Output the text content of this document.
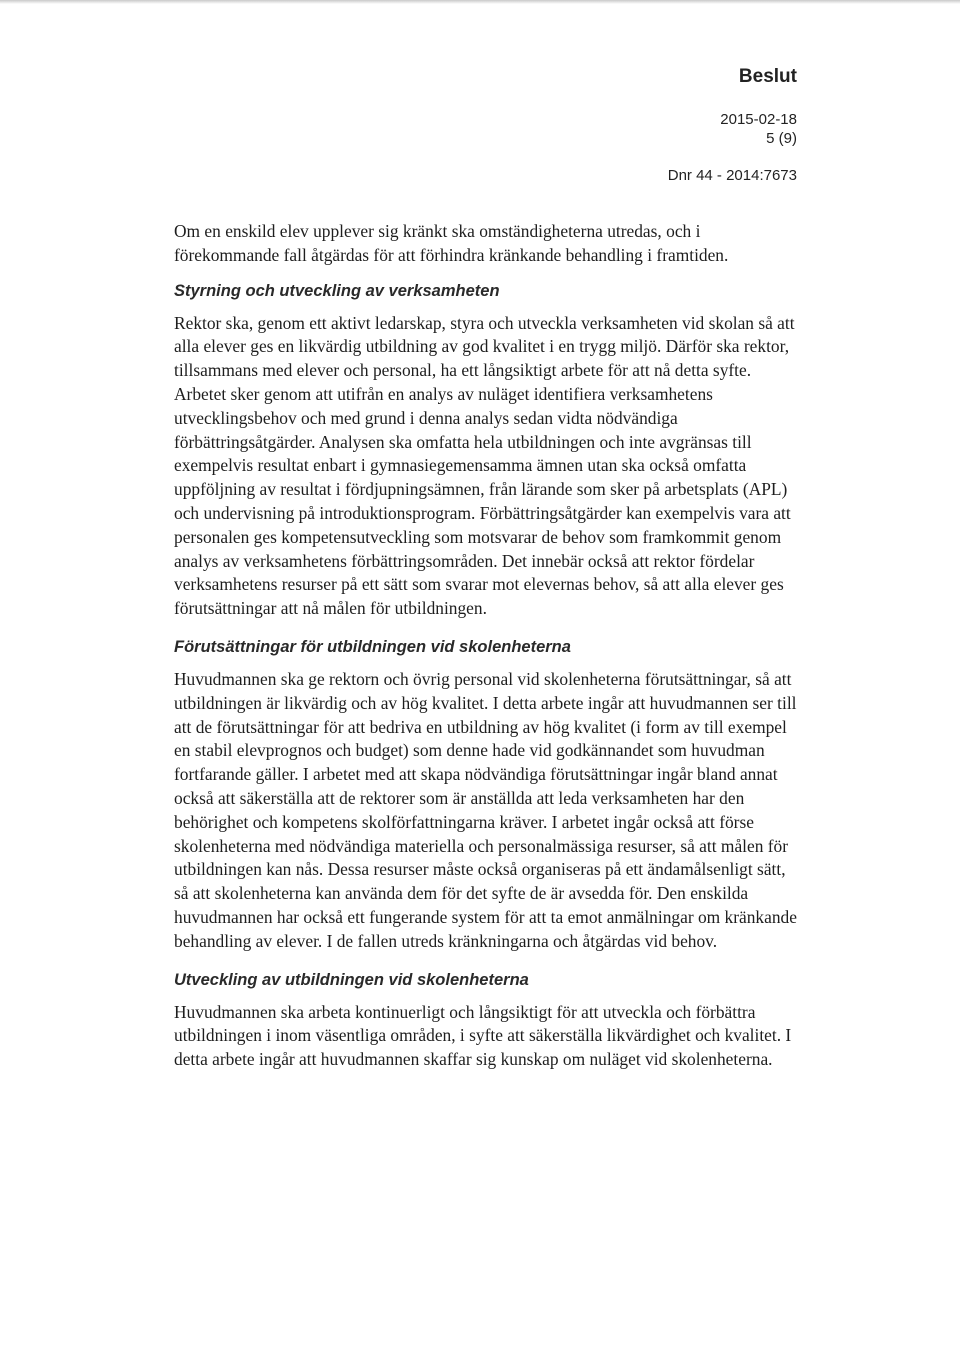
Beslut
2015-02-18
5 (9)
Dnr 44 - 2014:7673

Om en enskild elev upplever sig kränkt ska omständigheterna utredas, och i förekommande fall åtgärdas för att förhindra kränkande behandling i framtiden.

Styrning och utveckling av verksamheten

Rektor ska, genom ett aktivt ledarskap, styra och utveckla verksamheten vid skolan så att alla elever ges en likvärdig utbildning av god kvalitet i en trygg miljö. Därför ska rektor, tillsammans med elever och personal, ha ett långsiktigt arbete för att nå detta syfte. Arbetet sker genom att utifrån en analys av nuläget identifiera verksamhetens utvecklingsbehov och med grund i denna analys sedan vidta nödvändiga förbättringsåtgärder. Analysen ska omfatta hela utbildningen och inte avgränsas till exempelvis resultat enbart i gymnasiegemensamma ämnen utan ska också omfatta uppföljning av resultat i fördjupningsämnen, från lärande som sker på arbetsplats (APL) och undervisning på introduktionsprogram. Förbättringsåtgärder kan exempelvis vara att personalen ges kompetensutveckling som motsvarar de behov som framkommit genom analys av verksamhetens förbättringsområden. Det innebär också att rektor fördelar verksamhetens resurser på ett sätt som svarar mot elevernas behov, så att alla elever ges förutsättningar att nå målen för utbildningen.

Förutsättningar för utbildningen vid skolenheterna

Huvudmannen ska ge rektorn och övrig personal vid skolenheterna förutsättningar, så att utbildningen är likvärdig och av hög kvalitet. I detta arbete ingår att huvudmannen ser till att de förutsättningar för att bedriva en utbildning av hög kvalitet (i form av till exempel en stabil elevprognos och budget) som denne hade vid godkännandet som huvudman fortfarande gäller. I arbetet med att skapa nödvändiga förutsättningar ingår bland annat också att säkerställa att de rektorer som är anställda att leda verksamheten har den behörighet och kompetens skolförfattningarna kräver. I arbetet ingår också att förse skolenheterna med nödvändiga materiella och personalmässiga resurser, så att målen för utbildningen kan nås. Dessa resurser måste också organiseras på ett ändamålsenligt sätt, så att skolenheterna kan använda dem för det syfte de är avsedda för. Den enskilda huvudmannen har också ett fungerande system för att ta emot anmälningar om kränkande behandling av elever. I de fallen utreds kränkningarna och åtgärdas vid behov.

Utveckling av utbildningen vid skolenheterna

Huvudmannen ska arbeta kontinuerligt och långsiktigt för att utveckla och förbättra utbildningen i inom väsentliga områden, i syfte att säkerställa likvärdighet och kvalitet. I detta arbete ingår att huvudmannen skaffar sig kunskap om nuläget vid skolenheterna.
